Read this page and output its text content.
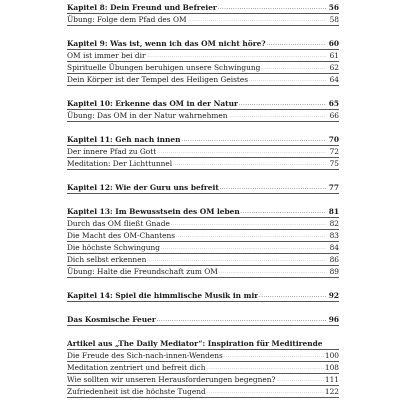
Kapitel 8: Dein Freund und Befreier . . .	56
Übung: Folge dem Pfad des OM . . .	58
Kapitel 9: Was ist, wenn ich das OM nicht höre? . . .	60
OM ist immer bei dir . . .	61
Spirituelle Übungen beruhigen unsere Schwingung . . .	62
Dein Körper ist der Tempel des Heiligen Geistes . . .	64
Kapitel 10: Erkenne das OM in der Natur . . .	65
Übung: Das OM in der Natur wahrnehmen . . .	66
Kapitel 11: Geh nach innen . . .	70
Der innere Pfad zu Gott . . .	72
Meditation: Der Lichttunnel . . .	75
Kapitel 12: Wie der Guru uns befreit . . .	77
Kapitel 13: Im Bewusstsein des OM leben . . .	81
Durch das OM fließt Gnade . . .	82
Die Macht des OM-Chantens . . .	83
Die höchste Schwingung . . .	84
Dich selbst erkennen . . .	86
Übung: Halte die Freundschaft zum OM . . .	89
Kapitel 14: Spiel die himmlische Musik in mir . . .	92
Das Kosmische Feuer . . .	96
Artikel aus „The Daily Mediator“: Inspiration für Meditirende
Die Freude des Sich-nach-innen-Wendens . . .	100
Meditation zentriert und befreit dich . . .	108
Wie sollten wir unseren Herausforderungen begegnen? . . .	111
Zufriedenheit ist die höchste Tugend . . .	122
